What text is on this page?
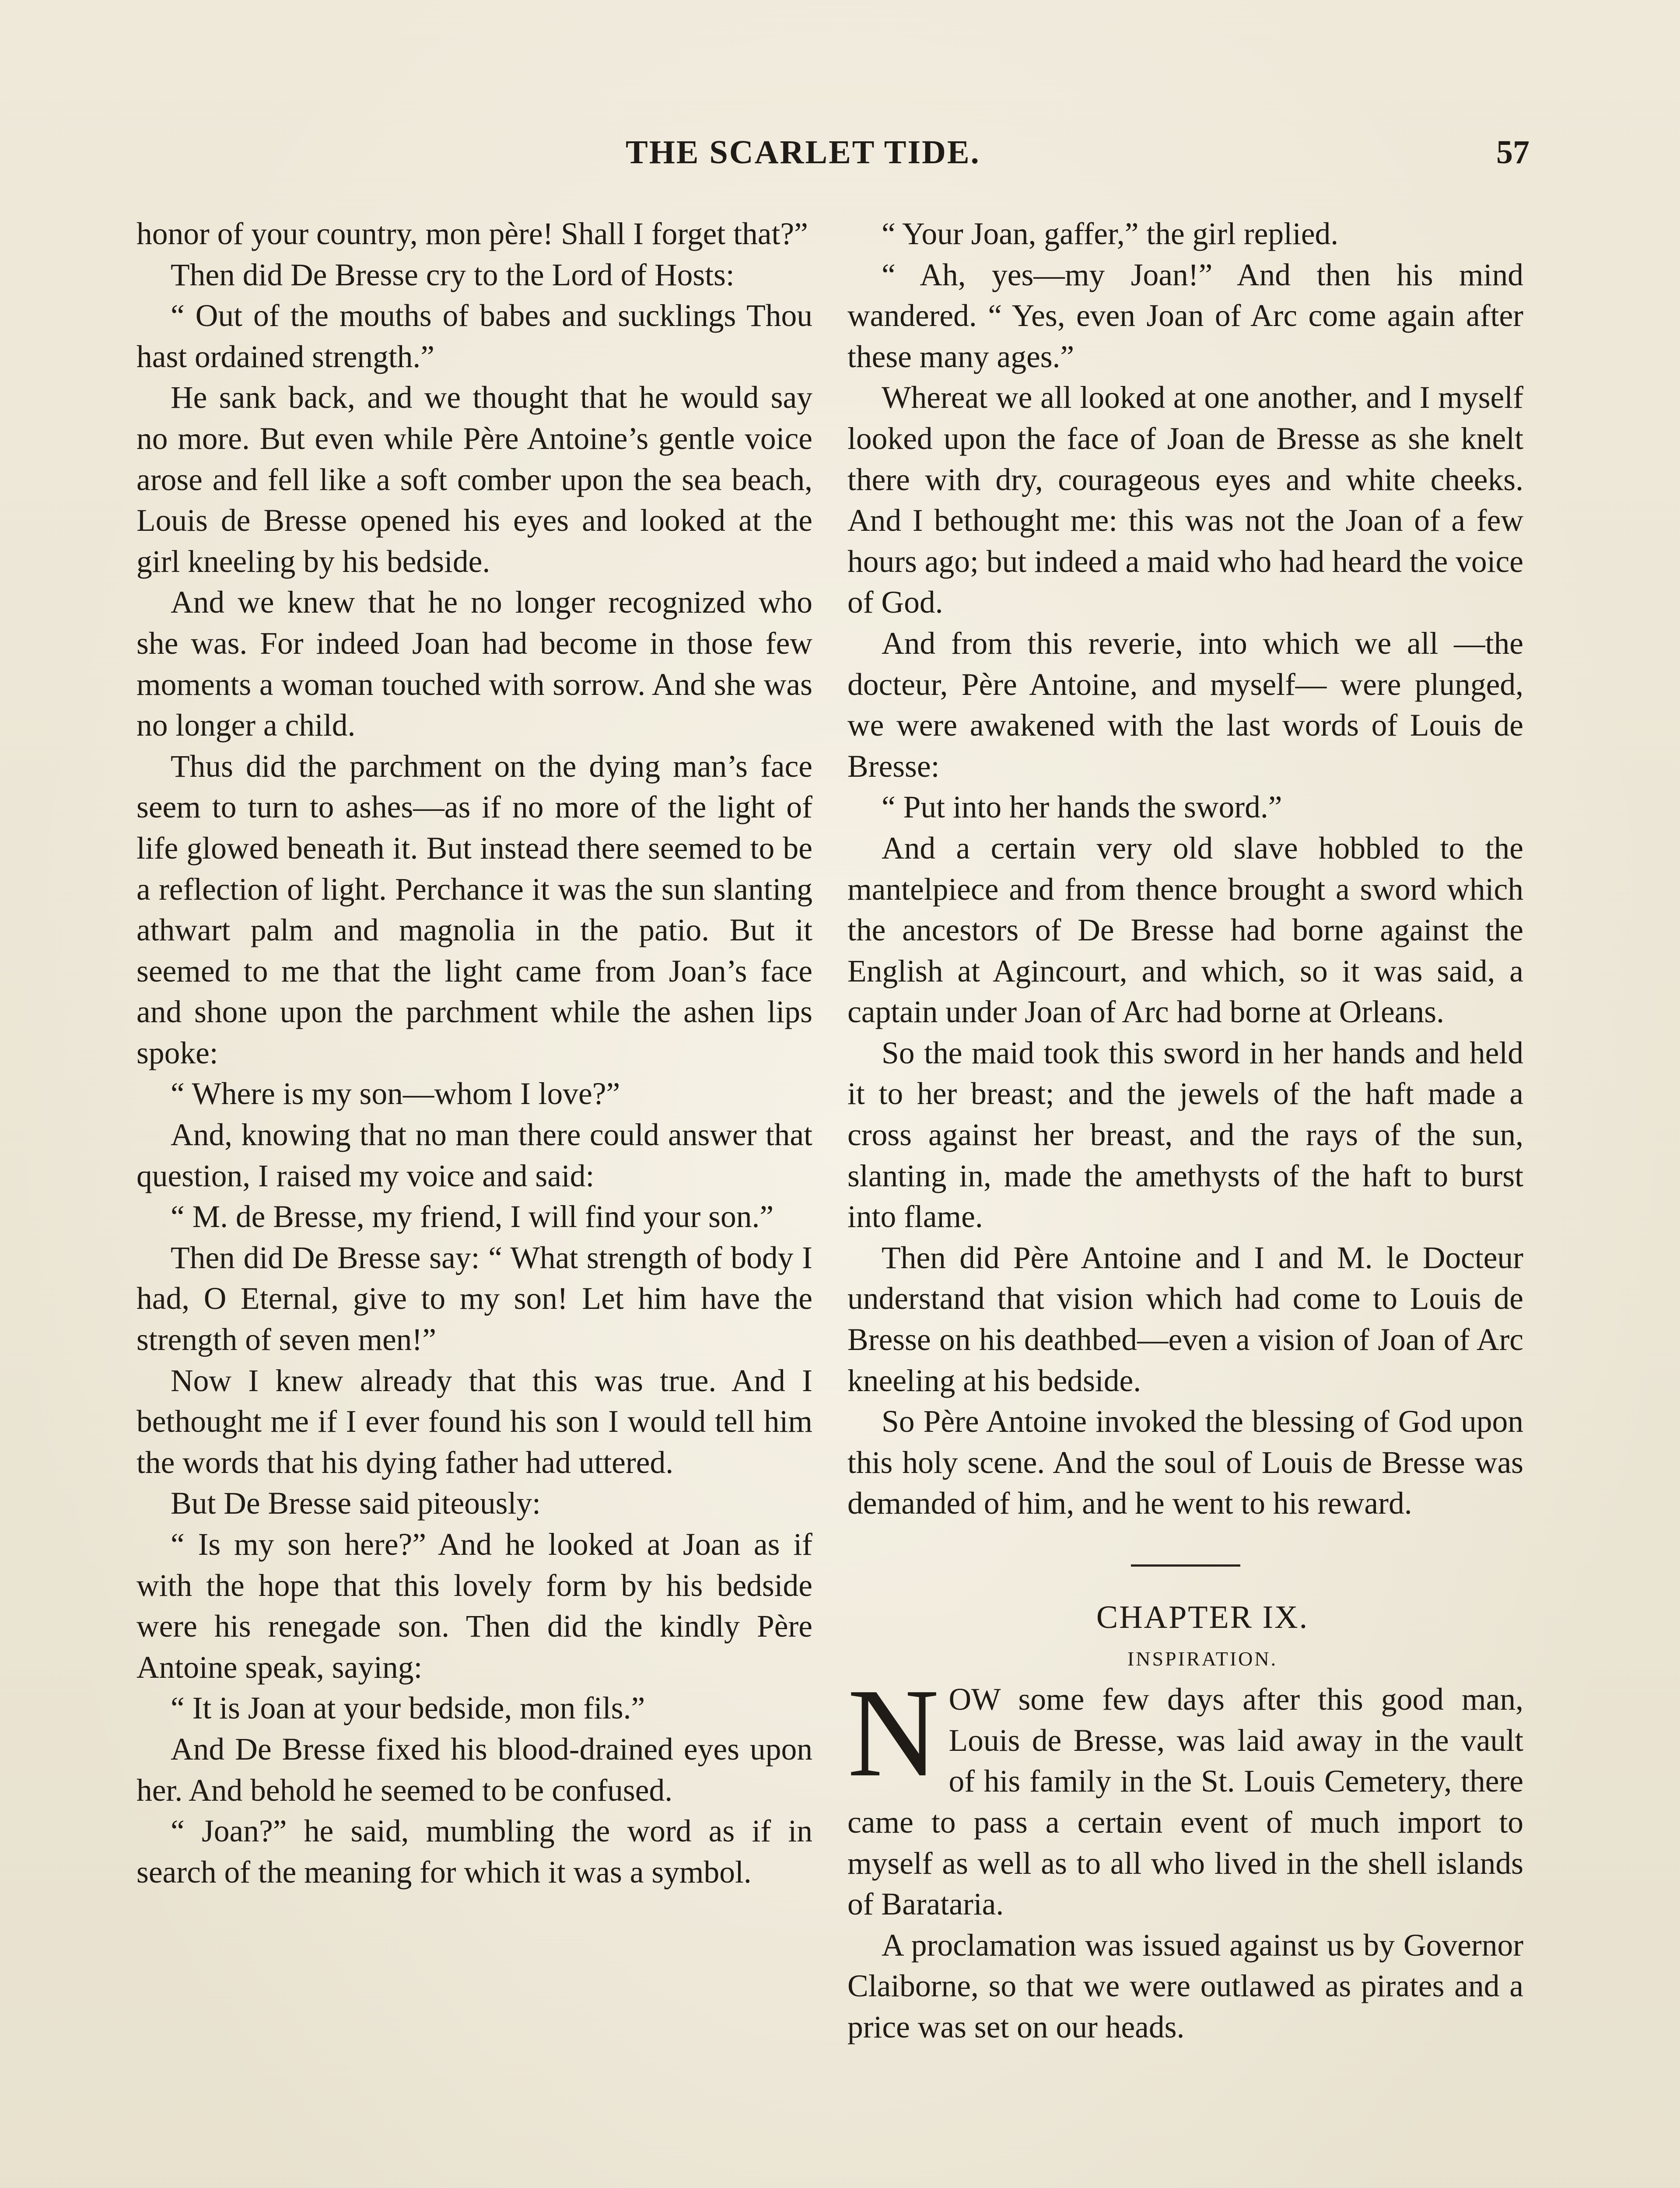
THE SCARLET TIDE.	57

honor of your country, mon père! Shall I forget that?”

Then did De Bresse cry to the Lord of Hosts:

“ Out of the mouths of babes and sucklings Thou hast ordained strength.”

He sank back, and we thought that he would say no more. But even while Père Antoine’s gentle voice arose and fell like a soft comber upon the sea beach, Louis de Bresse opened his eyes and looked at the girl kneeling by his bedside.

And we knew that he no longer recognized who she was. For indeed Joan had become in those few moments a woman touched with sorrow. And she was no longer a child.

Thus did the parchment on the dying man’s face seem to turn to ashes—as if no more of the light of life glowed beneath it. But instead there seemed to be a reflection of light. Perchance it was the sun slanting athwart palm and magnolia in the patio. But it seemed to me that the light came from Joan’s face and shone upon the parchment while the ashen lips spoke:

“ Where is my son—whom I love?”

And, knowing that no man there could answer that question, I raised my voice and said:

“ M. de Bresse, my friend, I will find your son.”

Then did De Bresse say: “ What strength of body I had, O Eternal, give to my son! Let him have the strength of seven men!”

Now I knew already that this was true. And I bethought me if I ever found his son I would tell him the words that his dying father had uttered.

But De Bresse said piteously:

“ Is my son here?” And he looked at Joan as if with the hope that this lovely form by his bedside were his renegade son. Then did the kindly Père Antoine speak, saying:

“ It is Joan at your bedside, mon fils.”

And De Bresse fixed his blood-drained eyes upon her. And behold he seemed to be confused.

“ Joan?” he said, mumbling the word as if in search of the meaning for which it was a symbol.

“ Your Joan, gaffer,” the girl replied.

“ Ah, yes—my Joan!” And then his mind wandered. “ Yes, even Joan of Arc come again after these many ages.”

Whereat we all looked at one another, and I myself looked upon the face of Joan de Bresse as she knelt there with dry, courageous eyes and white cheeks. And I bethought me: this was not the Joan of a few hours ago; but indeed a maid who had heard the voice of God.

And from this reverie, into which we all —the docteur, Père Antoine, and myself— were plunged, we were awakened with the last words of Louis de Bresse:

“ Put into her hands the sword.”

And a certain very old slave hobbled to the mantelpiece and from thence brought a sword which the ancestors of De Bresse had borne against the English at Agincourt, and which, so it was said, a captain under Joan of Arc had borne at Orleans.

So the maid took this sword in her hands and held it to her breast; and the jewels of the haft made a cross against her breast, and the rays of the sun, slanting in, made the amethysts of the haft to burst into flame.

Then did Père Antoine and I and M. le Docteur understand that vision which had come to Louis de Bresse on his deathbed—even a vision of Joan of Arc kneeling at his bedside.

So Père Antoine invoked the blessing of God upon this holy scene. And the soul of Louis de Bresse was demanded of him, and he went to his reward.

CHAPTER IX.

INSPIRATION.

NOW some few days after this good man, Louis de Bresse, was laid away in the vault of his family in the St. Louis Cemetery, there came to pass a certain event of much import to myself as well as to all who lived in the shell islands of Barataria.

A proclamation was issued against us by Governor Claiborne, so that we were outlawed as pirates and a price was set on our heads.
